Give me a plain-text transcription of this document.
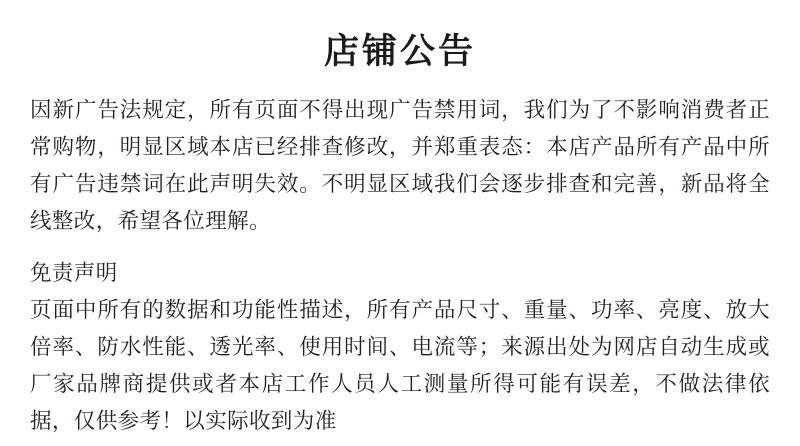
店铺公告

因新广告法规定，所有页面不得出现广告禁用词，我们为了不影响消费者正常购物，明显区域本店已经排查修改，并郑重表态：本店产品所有产品中所有广告违禁词在此声明失效。不明显区域我们会逐步排查和完善，新品将全线整改，希望各位理解。

免责声明

页面中所有的数据和功能性描述，所有产品尺寸、重量、功率、亮度、放大倍率、防水性能、透光率、使用时间、电流等；来源出处为网店自动生成或厂家品牌商提供或者本店工作人员人工测量所得可能有误差，不做法律依据，仅供参考！以实际收到为准
